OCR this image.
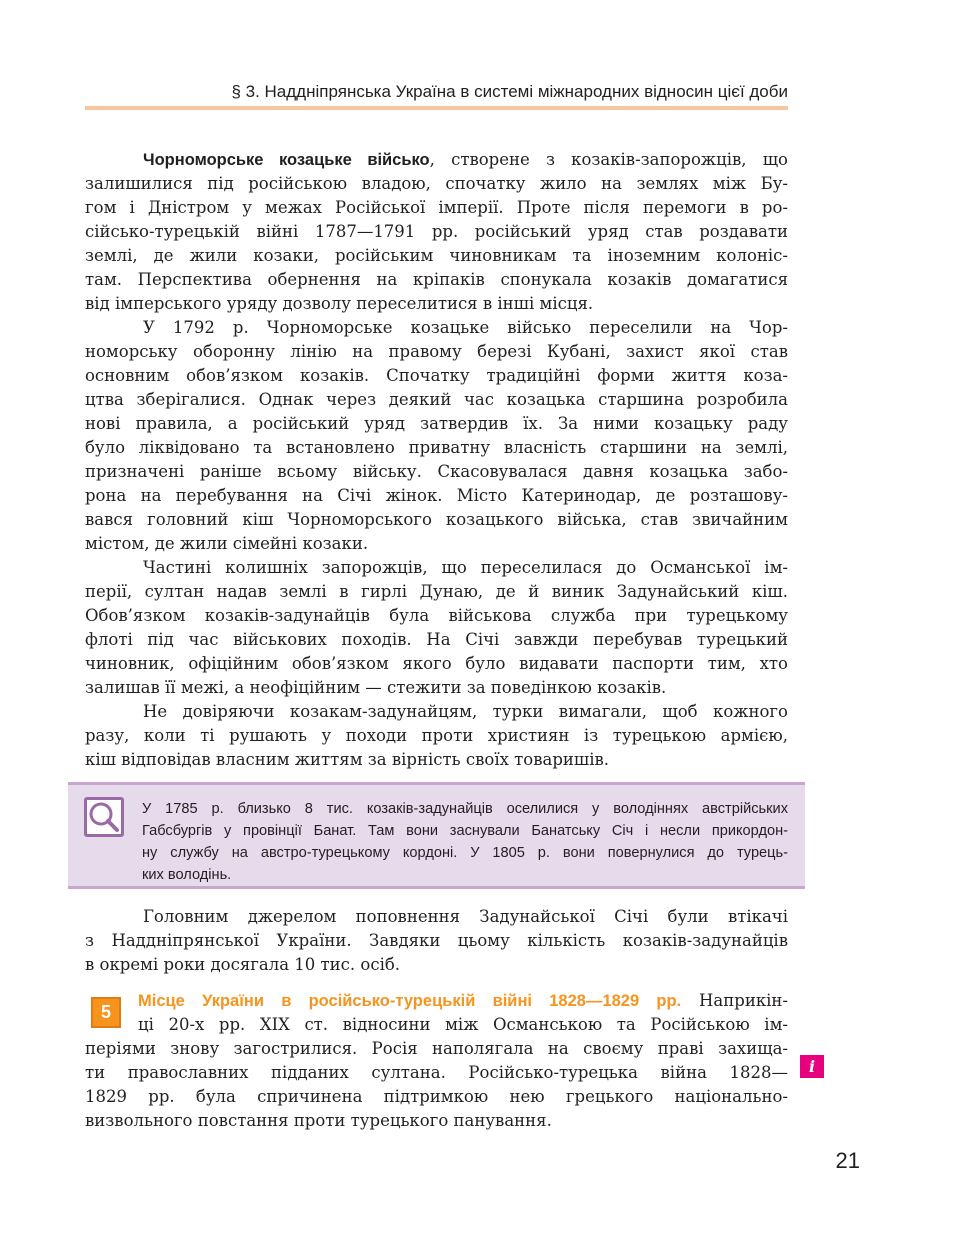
§ 3. Наддніпрянська Україна в системі міжнародних відносин цієї доби
Чорноморське козацьке військо, створене з козаків-запорожців, що
залишилися під російською владою, спочатку жило на землях між Бу-
гом і Дністром у межах Російської імперії. Проте після перемоги в ро-
сійсько-турецькій війні 1787—1791 рр. російський уряд став роздавати
землі, де жили козаки, російським чиновникам та іноземним колоніс-
там. Перспектива обернення на кріпаків спонукала козаків домагатися
від імперського уряду дозволу переселитися в інші місця.
У 1792 р. Чорноморське козацьке військо переселили на Чор-
номорську оборонну лінію на правому березі Кубані, захист якої став
основним обов’язком козаків. Спочатку традиційні форми життя коза-
цтва зберігалися. Однак через деякий час козацька старшина розробила
нові правила, а російський уряд затвердив їх. За ними козацьку раду
було ліквідовано та встановлено приватну власність старшини на землі,
призначені раніше всьому війську. Скасовувалася давня козацька забо-
рона на перебування на Січі жінок. Місто Катеринодар, де розташову-
вався головний кіш Чорноморського козацького війська, став звичайним
містом, де жили сімейні козаки.
Частині колишніх запорожців, що переселилася до Османської ім-
перії, султан надав землі в гирлі Дунаю, де й виник Задунайський кіш.
Обов’язком козаків-задунайців була військова служба при турецькому
флоті під час військових походів. На Січі завжди перебував турецький
чиновник, офіційним обов’язком якого було видавати паспорти тим, хто
залишав її межі, а неофіційним — стежити за поведінкою козаків.
Не довіряючи козакам-задунайцям, турки вимагали, щоб кожного
разу, коли ті рушають у походи проти християн із турецькою армією,
кіш відповідав власним життям за вірність своїх товаришів.
У 1785 р. близько 8 тис. козаків-задунайців оселилися у володіннях австрійських
Габсбургів у провінції Банат. Там вони заснували Банатську Січ і несли прикордон-
ну службу на австро-турецькому кордоні. У 1805 р. вони повернулися до турець-
ких володінь.
Головним джерелом поповнення Задунайської Січі були втікачі
з Наддніпрянської України. Завдяки цьому кількість козаків-задунайців
в окремі роки досягала 10 тис. осіб.
5
Місце України в російсько-турецькій війні 1828—1829 рр. Наприкін-
ці 20-х рр. XIX ст. відносини між Османською та Російською ім-
періями знову загострилися. Росія наполягала на своєму праві захища-
ти православних підданих султана. Російсько-турецька війна 1828—
1829 рр. була спричинена підтримкою нею грецького національно-
визвольного повстання проти турецького панування.
i
21
